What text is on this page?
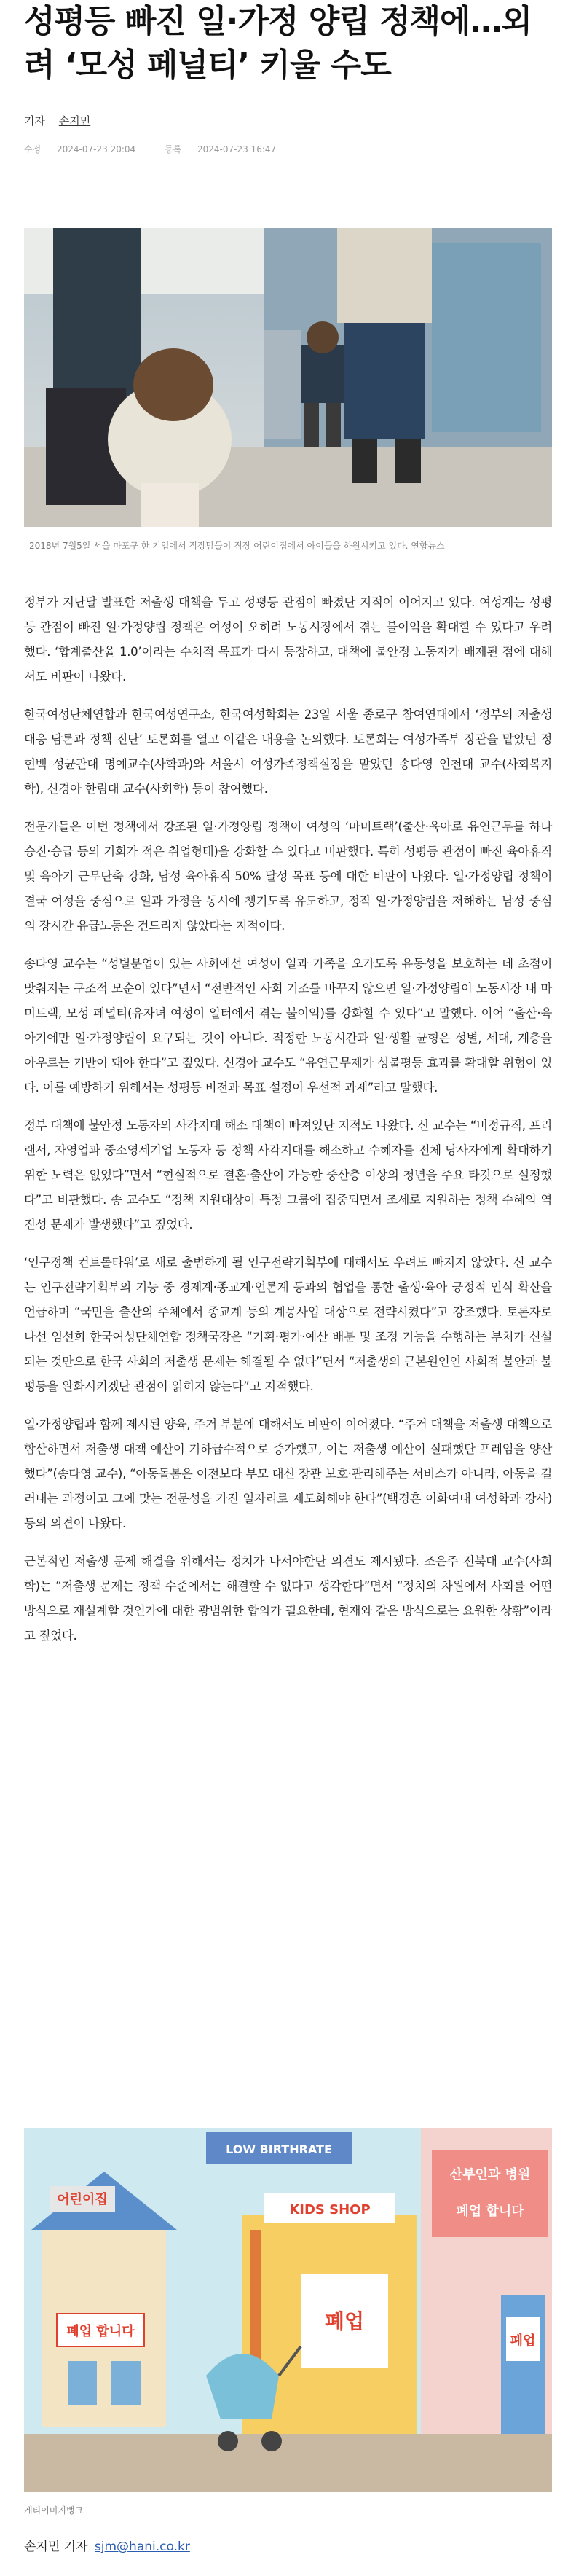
성평등 빠진 일·가정 양립 정책에…외려 ‘모성 페널티’ 키울 수도
기자 손지민
수정 2024-07-23 20:04	등록 2024-07-23 16:47
2018년 7월5일 서울 마포구 한 기업에서 직장맘들이 직장 어린이집에서 아이들을 하원시키고 있다. 연합뉴스

정부가 지난달 발표한 저출생 대책을 두고 성평등 관점이 빠졌단 지적이 이어지고 있다. 여성계는 성평등 관점이 빠진 일·가정양립 정책은 여성이 오히려 노동시장에서 겪는 불이익을 확대할 수 있다고 우려했다. ‘합계출산율 1.0’이라는 수치적 목표가 다시 등장하고, 대책에 불안정 노동자가 배제된 점에 대해서도 비판이 나왔다.

한국여성단체연합과 한국여성연구소, 한국여성학회는 23일 서울 종로구 참여연대에서 ‘정부의 저출생 대응 담론과 정책 진단’ 토론회를 열고 이같은 내용을 논의했다. 토론회는 여성가족부 장관을 맡았던 정현백 성균관대 명예교수(사학과)와 서울시 여성가족정책실장을 맡았던 송다영 인천대 교수(사회복지학), 신경아 한림대 교수(사회학) 등이 참여했다.

전문가들은 이번 정책에서 강조된 일·가정양립 정책이 여성의 ‘마미트랙’(출산·육아로 유연근무를 하나 승진·승급 등의 기회가 적은 취업형태)을 강화할 수 있다고 비판했다. 특히 성평등 관점이 빠진 육아휴직 및 육아기 근무단축 강화, 남성 육아휴직 50% 달성 목표 등에 대한 비판이 나왔다. 일·가정양립 정책이 결국 여성을 중심으로 일과 가정을 동시에 챙기도록 유도하고, 정작 일·가정양립을 저해하는 남성 중심의 장시간 유급노동은 건드리지 않았다는 지적이다.

송다영 교수는 “성별분업이 있는 사회에선 여성이 일과 가족을 오가도록 유동성을 보호하는 데 초점이 맞춰지는 구조적 모순이 있다”면서 “전반적인 사회 기조를 바꾸지 않으면 일·가정양립이 노동시장 내 마미트랙, 모성 페널티(유자녀 여성이 일터에서 겪는 불이익)를 강화할 수 있다”고 말했다. 이어 “출산·육아기에만 일·가정양립이 요구되는 것이 아니다. 적정한 노동시간과 일·생활 균형은 성별, 세대, 계층을 아우르는 기반이 돼야 한다”고 짚었다. 신경아 교수도 “유연근무제가 성불평등 효과를 확대할 위험이 있다. 이를 예방하기 위해서는 성평등 비전과 목표 설정이 우선적 과제”라고 말했다.

정부 대책에 불안정 노동자의 사각지대 해소 대책이 빠져있단 지적도 나왔다. 신 교수는 “비정규직, 프리랜서, 자영업과 중소영세기업 노동자 등 정책 사각지대를 해소하고 수혜자를 전체 당사자에게 확대하기 위한 노력은 없었다”면서 “현실적으로 결혼·출산이 가능한 중산층 이상의 청년을 주요 타깃으로 설정했다”고 비판했다. 송 교수도 “정책 지원대상이 특정 그룹에 집중되면서 조세로 지원하는 정책 수혜의 역진성 문제가 발생했다”고 짚었다.

‘인구정책 컨트롤타워’로 새로 출범하게 될 인구전략기획부에 대해서도 우려도 빠지지 않았다. 신 교수는 인구전략기획부의 기능 중 경제계·종교계·언론계 등과의 협업을 통한 출생·육아 긍정적 인식 확산을 언급하며 “국민을 출산의 주체에서 종교계 등의 계몽사업 대상으로 전략시켰다”고 강조했다. 토론자로 나선 임선희 한국여성단체연합 정책국장은 “기획·평가·예산 배분 및 조정 기능을 수행하는 부처가 신설되는 것만으로 한국 사회의 저출생 문제는 해결될 수 없다”면서 “저출생의 근본원인인 사회적 불안과 불평등을 완화시키겠단 관점이 읽히지 않는다”고 지적했다.

일·가정양립과 함께 제시된 양육, 주거 부분에 대해서도 비판이 이어졌다. “주거 대책을 저출생 대책으로 합산하면서 저출생 대책 예산이 기하급수적으로 증가했고, 이는 저출생 예산이 실패했단 프레임을 양산했다”(송다영 교수), “아동돌봄은 이전보다 부모 대신 장관 보호·관리해주는 서비스가 아니라, 아동을 길러내는 과정이고 그에 맞는 전문성을 가진 일자리로 제도화해야 한다”(백경흔 이화여대 여성학과 강사) 등의 의견이 나왔다.

근본적인 저출생 문제 해결을 위해서는 정치가 나서야한단 의견도 제시됐다. 조은주 전북대 교수(사회학)는 “저출생 문제는 정책 수준에서는 해결할 수 없다고 생각한다”면서 “정치의 차원에서 사회를 어떤 방식으로 재설계할 것인가에 대한 광범위한 합의가 필요한데, 현재와 같은 방식으로는 요원한 상황”이라고 짚었다.

LOW BIRTHRATE
어린이집
폐업 합니다
KIDS SHOP
폐업
산부인과 병원
폐업 합니다
폐업
게티이미지뱅크
손지민 기자 sjm@hani.co.kr
